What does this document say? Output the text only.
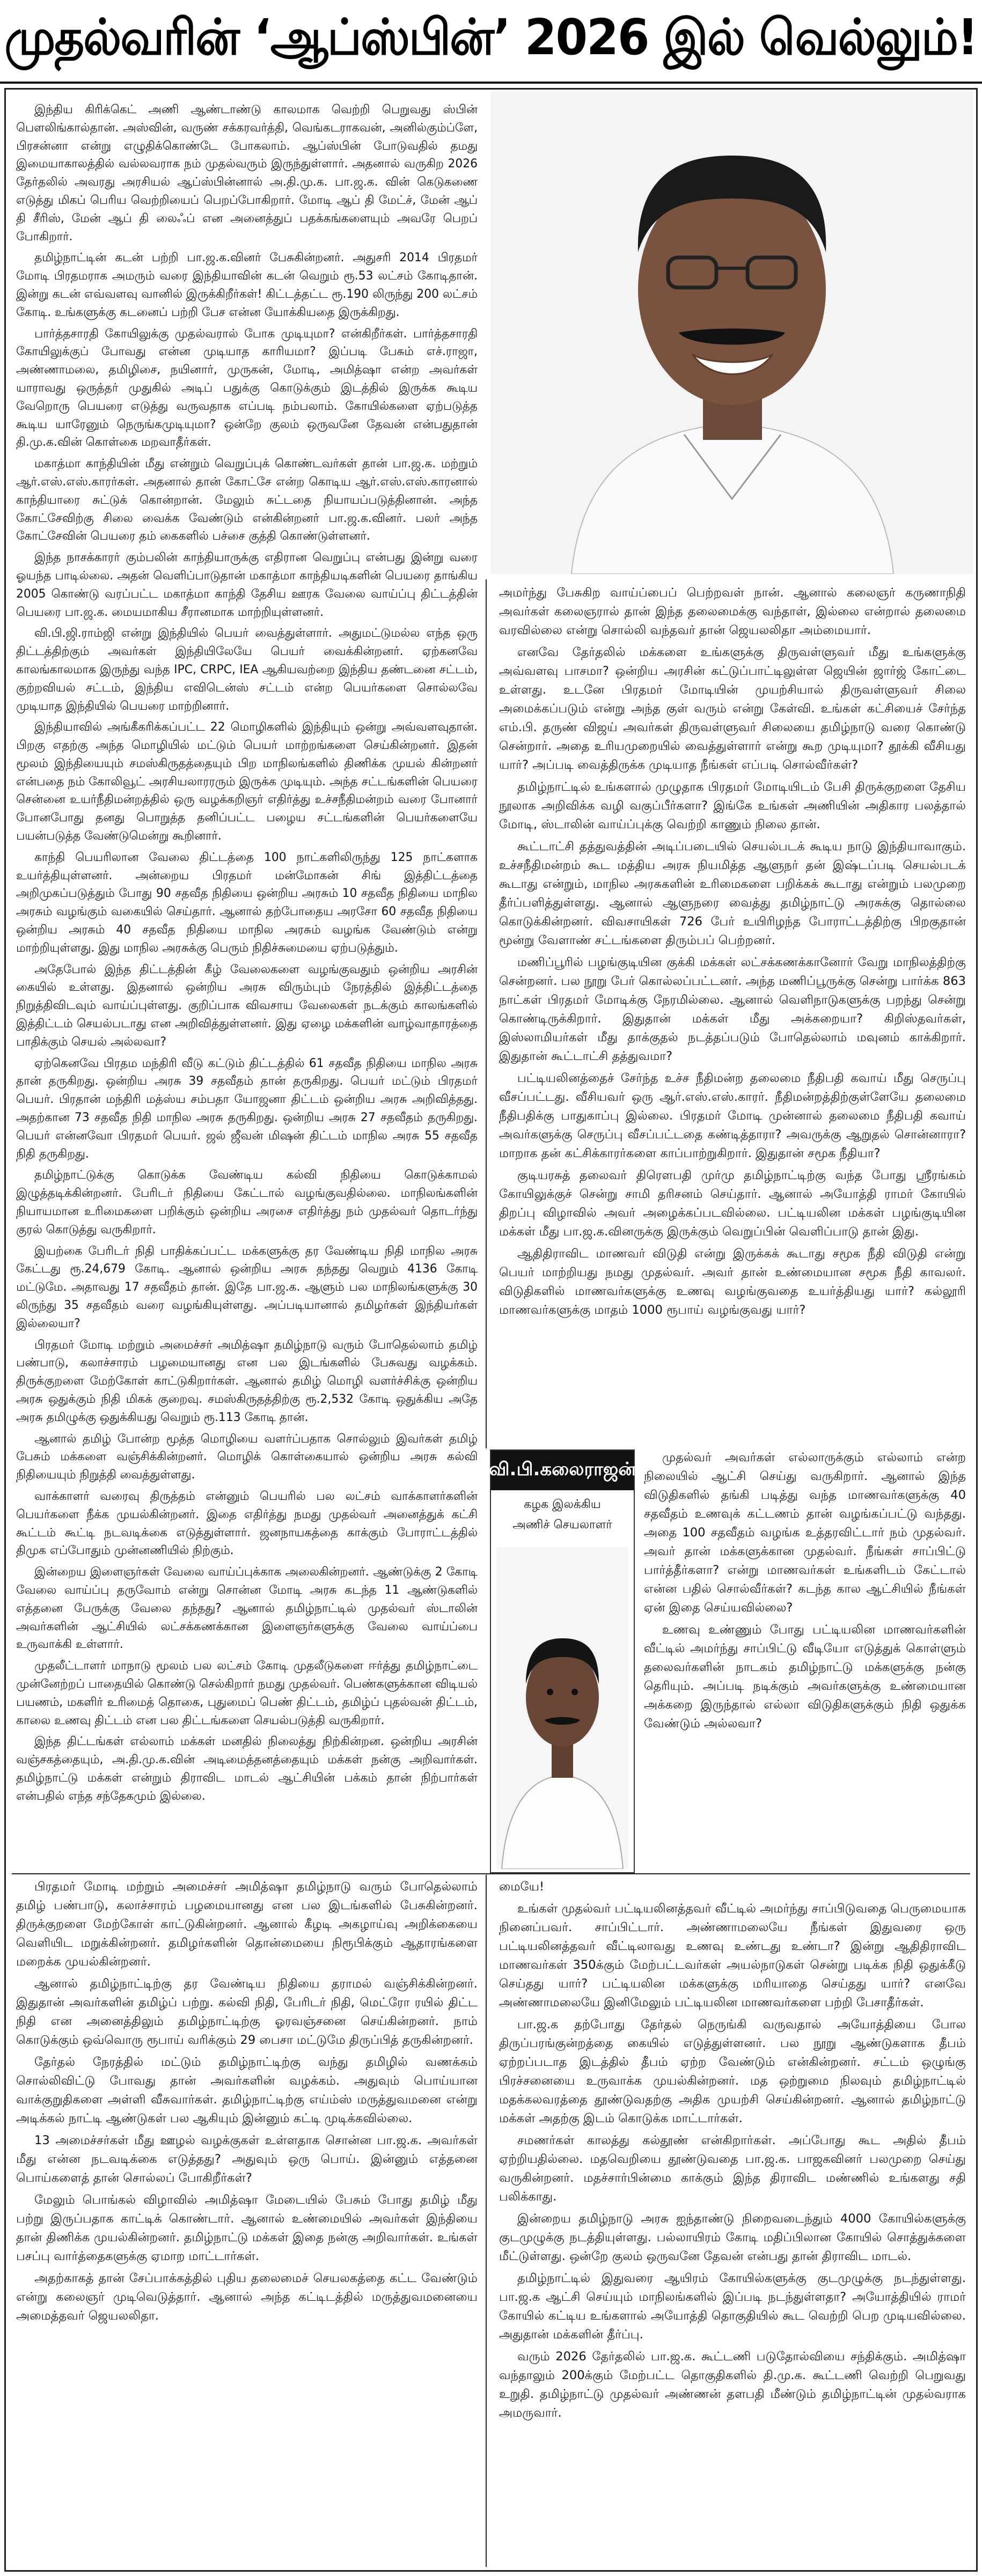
முதல்வரின் ‘ஆப்ஸ்பின்’ 2026 இல் வெல்லும்!

இந்திய கிரிக்கெட் அணி ஆண்டாண்டு காலமாக வெற்றி பெறுவது ஸ்பின் பௌலிங்கால்தான். அஸ்வின், வருண் சக்கரவர்த்தி, வெங்கடராகவன், அனில்கும்ப்ளே, பிரசன்னா என்று எழுதிக்கொண்டே போகலாம். ஆப்ஸ்பின் போடுவதில் தமது இமையாகாலத்தில் வல்லவராக நம் முதல்வரும் இருந்துள்ளார். அதனால் வருகிற 2026 தேர்தலில் அவரது அரசியல் ஆப்ஸ்பின்னால் அ.தி.மு.க. பா.ஜ.க. வின் கெடுகணை எடுத்து மிகப் பெரிய வெற்றியைப் பெறப்போகிறார். மோடி ஆப் தி மேட்ச், மேன் ஆப் தி சீரிஸ், மேன் ஆப் தி லைஃப் என அனைத்துப் பதக்கங்களையும் அவரே பெறப் போகிறார்.

தமிழ்நாட்டின் கடன் பற்றி பா.ஜ.க.வினர் பேசுகின்றனர். அதுசரி 2014 பிரதமர் மோடி பிரதமராக அமரும் வரை இந்தியாவின் கடன் வெறும் ரூ.53 லட்சம் கோடிதான். இன்று கடன் எவ்வளவு வானில் இருக்கிறீர்கள்! கிட்டத்தட்ட ரூ.190 லிருந்து 200 லட்சம் கோடி. உங்களுக்கு கடனைப் பற்றி பேச என்ன யோக்கியதை இருக்கிறது.

பார்த்தசாரதி கோயிலுக்கு முதல்வரால் போக முடியுமா? என்கிறீர்கள். பார்த்தசாரதி கோயிலுக்குப் போவது என்ன முடியாத காரியமா? இப்படி பேசும் எச்.ராஜா, அண்ணாமலை, தமிழிசை, நயினார், முருகன், மோடி, அமித்ஷா என்ற அவர்கள் யாராவது ஒருத்தர் முதுகில் அடிப் பதுக்கு கொடுக்கும் இடத்தில் இருக்க கூடிய வேறொரு பெயரை எடுத்து வருவதாக எப்படி நம்பலாம். கோயில்களை ஏற்படுத்த கூடிய யாரேனும் நெருங்கமுடியுமா? ஒன்றே குலம் ஒருவனே தேவன் என்பதுதான் தி.மு.க.வின் கொள்கை மறவாதீர்கள்.

மகாத்மா காந்தியின் மீது என்றும் வெறுப்புக் கொண்டவர்கள் தான் பா.ஜ.க. மற்றும் ஆர்.எஸ்.எஸ்.காரர்கள். அதனால் தான் கோட்சே என்ற கொடிய ஆர்.எஸ்.எஸ்.காரனால் காந்தியாரை சுட்டுக் கொன்றான். மேலும் சுட்டதை நியாயப்படுத்தினான். அந்த கோட்சேவிற்கு சிலை வைக்க வேண்டும் என்கின்றனர் பா.ஜ.க.வினர். பலர் அந்த கோட்சேவின் பெயரை தம் கைகளில் பச்சை குத்தி கொண்டுள்ளனர்.

இந்த நாசக்காரர் கும்பலின் காந்தியாருக்கு எதிரான வெறுப்பு என்பது இன்று வரை ஓயந்த பாடில்லை. அதன் வெளிப்பாடுதான் மகாத்மா காந்தியடிகளின் பெயரை தாங்கிய 2005 கொண்டு வரப்பட்ட மகாத்மா காந்தி தேசிய ஊரக வேலை வாய்ப்பு திட்டத்தின் பெயரை பா.ஜ.க. மையமாகிய சீரானமாக மாற்றியுள்ளனர்.

வி.பி.ஜி.ராம்ஜி என்று இந்தியில் பெயர் வைத்துள்ளார். அதுமட்டுமல்ல எந்த ஒரு திட்டத்திற்கும் அவர்கள் இந்தியிலேயே பெயர் வைக்கின்றனர். ஏற்கனவே காலங்காலமாக இருந்து வந்த IPC, CRPC, IEA ஆகியவற்றை இந்திய தண்டனை சட்டம், குற்றவியல் சட்டம், இந்திய எவிடென்ஸ் சட்டம் என்ற பெயர்களை சொல்லவே முடியாத இந்தியில் பெயரை மாற்றினார்.

இந்தியாவில் அங்கீகரிக்கப்பட்ட 22 மொழிகளில் இந்தியும் ஒன்று அவ்வளவுதான். பிறகு எதற்கு அந்த மொழியில் மட்டும் பெயர் மாற்றங்களை செய்கின்றனர். இதன் மூலம் இந்தியையும் சமஸ்கிருதத்தையும் பிற மாநிலங்களில் திணிக்க முயல் கின்றனர் என்பதை நம் கோலிவூட் அரசியலாரரரும் இருக்க முடியும். அந்த சட்டங்களின் பெயரை சென்னை உயர்நீதிமன்றத்தில் ஒரு வழக்கறிஞர் எதிர்த்து உச்சநீதிமன்றம் வரை போனார் போனபோது தனது பொறுத்த தனிப்பட்ட பழைய சட்டங்களின் பெயர்களையே பயன்படுத்த வேண்டுமென்று கூறினார்.

காந்தி பெயரிலான வேலை திட்டத்தை 100 நாட்களிலிருந்து 125 நாட்களாக உயர்த்தியுள்ளனர். அன்றைய பிரதமர் மன்மோகன் சிங் இத்திட்டத்தை அறிமுகப்படுத்தும் போது 90 சதவீத நிதியை ஒன்றிய அரசும் 10 சதவீத நிதியை மாநில அரசும் வழங்கும் வகையில் செய்தார். ஆனால் தற்போதைய அரசோ 60 சதவீத நிதியை ஒன்றிய அரசும் 40 சதவீத நிதியை மாநில அரசும் வழங்க வேண்டும் என்று மாற்றியுள்ளது. இது மாநில அரசுக்கு பெரும் நிதிச்சுமையை ஏற்படுத்தும்.

அதேபோல் இந்த திட்டத்தின் கீழ் வேலைகளை வழங்குவதும் ஒன்றிய அரசின் கையில் உள்ளது. இதனால் ஒன்றிய அரசு விரும்பும் நேரத்தில் இத்திட்டத்தை நிறுத்திவிடவும் வாய்ப்புள்ளது. குறிப்பாக விவசாய வேலைகள் நடக்கும் காலங்களில் இத்திட்டம் செயல்படாது என அறிவித்துள்ளனர். இது ஏழை மக்களின் வாழ்வாதாரத்தை பாதிக்கும் செயல் அல்லவா?

ஏற்கெனவே பிரதம மந்திரி வீடு கட்டும் திட்டத்தில் 61 சதவீத நிதியை மாநில அரசு தான் தருகிறது. ஒன்றிய அரசு 39 சதவீதம் தான் தருகிறது. பெயர் மட்டும் பிரதமர் பெயர். பிரதான் மந்திரி மத்ஸ்ய சம்பதா யோஜனா திட்டம் ஒன்றிய அரசு அறிவித்தது. அதற்கான 73 சதவீத நிதி மாநில அரசு தருகிறது. ஒன்றிய அரசு 27 சதவீதம் தருகிறது. பெயர் என்னவோ பிரதமர் பெயர். ஜல் ஜீவன் மிஷன் திட்டம் மாநில அரசு 55 சதவீத நிதி தருகிறது.

தமிழ்நாட்டுக்கு கொடுக்க வேண்டிய கல்வி நிதியை கொடுக்காமல் இழுத்தடிக்கின்றனர். பேரிடர் நிதியை கேட்டால் வழங்குவதில்லை. மாநிலங்களின் நியாயமான உரிமைகளை பறிக்கும் ஒன்றிய அரசை எதிர்த்து நம் முதல்வர் தொடர்ந்து குரல் கொடுத்து வருகிறார்.

இயற்கை பேரிடர் நிதி பாதிக்கப்பட்ட மக்களுக்கு தர வேண்டிய நிதி மாநில அரசு கேட்டது ரூ.24,679 கோடி. ஆனால் ஒன்றிய அரசு தந்தது வெறும் 4136 கோடி மட்டுமே. அதாவது 17 சதவீதம் தான். இதே பா.ஜ.க. ஆளும் பல மாநிலங்களுக்கு 30 லிருந்து 35 சதவீதம் வரை வழங்கியுள்ளது. அப்படியானால் தமிழர்கள் இந்தியர்கள் இல்லையா?

பிரதமர் மோடி மற்றும் அமைச்சர் அமித்ஷா தமிழ்நாடு வரும் போதெல்லாம் தமிழ் பண்பாடு, கலாச்சாரம் பழமையானது என பல இடங்களில் பேசுவது வழக்கம். திருக்குறளை மேற்கோள் காட்டுகிறார்கள். ஆனால் தமிழ் மொழி வளர்ச்சிக்கு ஒன்றிய அரசு ஒதுக்கும் நிதி மிகக் குறைவு. சமஸ்கிருதத்திற்கு ரூ.2,532 கோடி ஒதுக்கிய அதே அரசு தமிழுக்கு ஒதுக்கியது வெறும் ரூ.113 கோடி தான்.

ஆனால் தமிழ் போன்ற மூத்த மொழியை வளர்ப்பதாக சொல்லும் இவர்கள் தமிழ் பேசும் மக்களை வஞ்சிக்கின்றனர். மொழிக் கொள்கையால் ஒன்றிய அரசு கல்வி நிதியையும் நிறுத்தி வைத்துள்ளது.

வாக்காளர் வரைவு திருத்தம் என்னும் பெயரில் பல லட்சம் வாக்காளர்களின் பெயர்களை நீக்க முயல்கின்றனர். இதை எதிர்த்து நமது முதல்வர் அனைத்துக் கட்சி கூட்டம் கூட்டி நடவடிக்கை எடுத்துள்ளார். ஜனநாயகத்தை காக்கும் போராட்டத்தில் திமுக எப்போதும் முன்னணியில் நிற்கும்.

இன்றைய இளைஞர்கள் வேலை வாய்ப்புக்காக அலைகின்றனர். ஆண்டுக்கு 2 கோடி வேலை வாய்ப்பு தருவோம் என்று சொன்ன மோடி அரசு கடந்த 11 ஆண்டுகளில் எத்தனை பேருக்கு வேலை தந்தது? ஆனால் தமிழ்நாட்டில் முதல்வர் ஸ்டாலின் அவர்களின் ஆட்சியில் லட்சக்கணக்கான இளைஞர்களுக்கு வேலை வாய்ப்பை உருவாக்கி உள்ளார்.

முதலீட்டாளர் மாநாடு மூலம் பல லட்சம் கோடி முதலீடுகளை ஈர்த்து தமிழ்நாட்டை முன்னேற்றப் பாதையில் கொண்டு செல்கிறார் நமது முதல்வர். பெண்களுக்கான விடியல் பயணம், மகளிர் உரிமைத் தொகை, புதுமைப் பெண் திட்டம், தமிழ்ப் புதல்வன் திட்டம், காலை உணவு திட்டம் என பல திட்டங்களை செயல்படுத்தி வருகிறார்.

இந்த திட்டங்கள் எல்லாம் மக்கள் மனதில் நிலைத்து நிற்கின்றன. ஒன்றிய அரசின் வஞ்சகத்தையும், அ.தி.மு.க.வின் அடிமைத்தனத்தையும் மக்கள் நன்கு அறிவார்கள். தமிழ்நாட்டு மக்கள் என்றும் திராவிட மாடல் ஆட்சியின் பக்கம் தான் நிற்பார்கள் என்பதில் எந்த சந்தேகமும் இல்லை.

அமர்ந்து பேசுகிற வாய்ப்பைப் பெற்றவள் நான். ஆனால் கலைஞர் கருணாநிதி அவர்கள் கலைஞரால் தான் இந்த தலைமைக்கு வந்தாள், இல்லை என்றால் தலைமை வரவில்லை என்று சொல்லி வந்தவர் தான் ஜெயலலிதா அம்மையார்.

எனவே தேர்தலில் மக்களை உங்களுக்கு திருவள்ளுவர் மீது உங்களுக்கு அவ்வளவு பாசமா? ஒன்றிய அரசின் கட்டுப்பாட்டிலுள்ள ஜெயின் ஜார்ஜ் கோட்டை உள்ளது. உடனே பிரதமர் மோடியின் முயற்சியால் திருவள்ளுவர் சிலை அமைக்கப்படும் என்று அந்த குள் வரும் என்று கேள்வி. உங்கள் கட்சியைச் சேர்ந்த எம்.பி. தருண் விஜய் அவர்கள் திருவள்ளுவர் சிலையை தமிழ்நாடு வரை கொண்டு சென்றார். அதை உரியமுறையில் வைத்துள்ளார் என்று கூற முடியுமா? தூக்கி வீசியது யார்? அப்படி வைத்திருக்க முடியாத நீங்கள் எப்படி சொல்வீர்கள்?

தமிழ்நாட்டில் உங்களால் முழுதாக பிரதமர் மோடியிடம் பேசி திருக்குறளை தேசிய நூலாக அறிவிக்க வழி வகுப்பீர்களா? இங்கே உங்கள் அணியின் அதிகார பலத்தால் மோடி, ஸ்டாலின் வாய்ப்புக்கு வெற்றி காணும் நிலை தான்.

கூட்டாட்சி தத்துவத்தின் அடிப்படையில் செயல்படக் கூடிய நாடு இந்தியாவாகும். உச்சநீதிமன்றம் கூட மத்திய அரசு நியமித்த ஆளுநர் தன் இஷ்டப்படி செயல்படக் கூடாது என்றும், மாநில அரசுகளின் உரிமைகளை பறிக்கக் கூடாது என்றும் பலமுறை தீர்ப்பளித்துள்ளது. ஆனால் ஆளுநரை வைத்து தமிழ்நாட்டு அரசுக்கு தொல்லை கொடுக்கின்றனர். விவசாயிகள் 726 பேர் உயிரிழந்த போராட்டத்திற்கு பிறகுதான் மூன்று வேளாண் சட்டங்களை திரும்பப் பெற்றனர்.

மணிப்பூரில் பழங்குடியின குக்கி மக்கள் லட்சக்கணக்கானோர் வேறு மாநிலத்திற்கு சென்றனர். பல நூறு பேர் கொல்லப்பட்டனர். அந்த மணிப்பூருக்கு சென்று பார்க்க 863 நாட்கள் பிரதமர் மோடிக்கு நேரமில்லை. ஆனால் வெளிநாடுகளுக்கு பறந்து சென்று கொண்டிருக்கிறார். இதுதான் மக்கள் மீது அக்கறையா? கிறிஸ்தவர்கள், இஸ்லாமியர்கள் மீது தாக்குதல் நடத்தப்படும் போதெல்லாம் மவுனம் காக்கிறார். இதுதான் கூட்டாட்சி தத்துவமா?

பட்டியலினத்தைச் சேர்ந்த உச்ச நீதிமன்ற தலைமை நீதிபதி கவாய் மீது செருப்பு வீசப்பட்டது. வீசியவர் ஒரு ஆர்.எஸ்.எஸ்.காரர். நீதிமன்றத்திற்குள்ளேயே தலைமை நீதிபதிக்கு பாதுகாப்பு இல்லை. பிரதமர் மோடி முன்னால் தலைமை நீதிபதி கவாய் அவர்களுக்கு செருப்பு வீசப்பட்டதை கண்டித்தாரா? அவருக்கு ஆறுதல் சொன்னாரா? மாறாக தன் கட்சிக்காரர்களை காப்பாற்றுகிறார். இதுதான் சமூக நீதியா?

குடியரசுத் தலைவர் திரௌபதி முர்மு தமிழ்நாட்டிற்கு வந்த போது ஸ்ரீரங்கம் கோயிலுக்குச் சென்று சாமி தரிசனம் செய்தார். ஆனால் அயோத்தி ராமர் கோயில் திறப்பு விழாவில் அவர் அழைக்கப்படவில்லை. பட்டியலின மக்கள் பழங்குடியின மக்கள் மீது பா.ஜ.க.வினருக்கு இருக்கும் வெறுப்பின் வெளிப்பாடு தான் இது.

ஆதிதிராவிட மாணவர் விடுதி என்று இருக்கக் கூடாது சமூக நீதி விடுதி என்று பெயர் மாற்றியது நமது முதல்வர். அவர் தான் உண்மையான சமூக நீதி காவலர். விடுதிகளில் மாணவர்களுக்கு உணவு வழங்குவதை உயர்த்தியது யார்? கல்லூரி மாணவர்களுக்கு மாதம் 1000 ரூபாய் வழங்குவது யார்?

வி.பி.கலைராஜன்
கழக இலக்கிய
அணிச் செயலாளர்

முதல்வர் அவர்கள் எல்லாருக்கும் எல்லாம் என்ற நிலையில் ஆட்சி செய்து வருகிறார். ஆனால் இந்த விடுதிகளில் தங்கி படித்து வந்த மாணவர்களுக்கு 40 சதவீதம் உணவுக் கட்டணம் தான் வழங்கப்பட்டு வந்தது. அதை 100 சதவீதம் வழங்க உத்தரவிட்டார் நம் முதல்வர். அவர் தான் மக்களுக்கான முதல்வர். நீங்கள் சாப்பிட்டு பார்த்தீர்களா? என்று மாணவர்கள் உங்களிடம் கேட்டால் என்ன பதில் சொல்வீர்கள்? கடந்த கால ஆட்சியில் நீங்கள் ஏன் இதை செய்யவில்லை?

உணவு உண்ணும் போது பட்டியலின மாணவர்களின் வீட்டில் அமர்ந்து சாப்பிட்டு வீடியோ எடுத்துக் கொள்ளும் தலைவர்களின் நாடகம் தமிழ்நாட்டு மக்களுக்கு நன்கு தெரியும். அப்படி நடிக்கும் அவர்களுக்கு உண்மையான அக்கறை இருந்தால் எல்லா விடுதிகளுக்கும் நிதி ஒதுக்க வேண்டும் அல்லவா?

பிரதமர் மோடி மற்றும் அமைச்சர் அமித்ஷா தமிழ்நாடு வரும் போதெல்லாம் தமிழ் பண்பாடு, கலாச்சாரம் பழமையானது என பல இடங்களில் பேசுகின்றனர். திருக்குறளை மேற்கோள் காட்டுகின்றனர். ஆனால் கீழடி அகழாய்வு அறிக்கையை வெளியிட மறுக்கின்றனர். தமிழர்களின் தொன்மையை நிரூபிக்கும் ஆதாரங்களை மறைக்க முயல்கின்றனர்.

ஆனால் தமிழ்நாட்டிற்கு தர வேண்டிய நிதியை தராமல் வஞ்சிக்கின்றனர். இதுதான் அவர்களின் தமிழ்ப் பற்று. கல்வி நிதி, பேரிடர் நிதி, மெட்ரோ ரயில் திட்ட நிதி என அனைத்திலும் தமிழ்நாட்டிற்கு ஓரவஞ்சனை செய்கின்றனர். நாம் கொடுக்கும் ஒவ்வொரு ரூபாய் வரிக்கும் 29 பைசா மட்டுமே திருப்பித் தருகின்றனர்.

தேர்தல் நேரத்தில் மட்டும் தமிழ்நாட்டிற்கு வந்து தமிழில் வணக்கம் சொல்லிவிட்டு போவது தான் அவர்களின் வழக்கம். அதுவும் பொய்யான வாக்குறுதிகளை அள்ளி வீசுவார்கள். தமிழ்நாட்டிற்கு எய்ம்ஸ் மருத்துவமனை என்று அடிக்கல் நாட்டி ஆண்டுகள் பல ஆகியும் இன்னும் கட்டி முடிக்கவில்லை.

13 அமைச்சர்கள் மீது ஊழல் வழக்குகள் உள்ளதாக சொன்ன பா.ஜ.க. அவர்கள் மீது என்ன நடவடிக்கை எடுத்தது? அதுவும் ஒரு பொய். இன்னும் எத்தனை பொய்களைத் தான் சொல்லப் போகிறீர்கள்?

மேலும் பொங்கல் விழாவில் அமித்ஷா மேடையில் பேசும் போது தமிழ் மீது பற்று இருப்பதாக காட்டிக் கொண்டார். ஆனால் உண்மையில் அவர்கள் இந்தியை தான் திணிக்க முயல்கின்றனர். தமிழ்நாட்டு மக்கள் இதை நன்கு அறிவார்கள். உங்கள் பசப்பு வார்த்தைகளுக்கு ஏமாற மாட்டார்கள்.

அதற்காகத் தான் சேப்பாக்கத்தில் புதிய தலைமைச் செயலகத்தை கட்ட வேண்டும் என்று கலைஞர் முடிவெடுத்தார். ஆனால் அந்த கட்டிடத்தில் மருத்துவமனையை அமைத்தவர் ஜெயலலிதா.

மையே!

உங்கள் முதல்வர் பட்டியலினத்தவர் வீட்டில் அமர்ந்து சாப்பிடுவதை பெருமையாக நினைப்பவர். சாப்பிட்டார். அண்ணாமலையே நீங்கள் இதுவரை ஒரு பட்டியலினத்தவர் வீட்டிலாவது உணவு உண்டது உண்டா? இன்று ஆதிதிராவிட மாணவர்கள் 350க்கும் மேற்பட்டவர்கள் அயல்நாடுகள் சென்று படிக்க நிதி ஒதுக்கீடு செய்தது யார்? பட்டியலின மக்களுக்கு மரியாதை செய்தது யார்? எனவே அண்ணாமலையே இனிமேலும் பட்டியலின மாணவர்களை பற்றி பேசாதீர்கள்.

பா.ஜ.க தற்போது தேர்தல் நெருங்கி வருவதால் அயோத்தியை போல திருப்பரங்குன்றத்தை கையில் எடுத்துள்ளனர். பல நூறு ஆண்டுகளாக தீபம் ஏற்றப்படாத இடத்தில் தீபம் ஏற்ற வேண்டும் என்கின்றனர். சட்டம் ஒழுங்கு பிரச்சனையை உருவாக்க முயல்கின்றனர். மத ஒற்றுமை நிலவும் தமிழ்நாட்டில் மதக்கலவரத்தை தூண்டுவதற்கு அதிக முயற்சி செய்கின்றனர். ஆனால் தமிழ்நாட்டு மக்கள் அதற்கு இடம் கொடுக்க மாட்டார்கள்.

சமணர்கள் காலத்து கல்தூண் என்கிறார்கள். அப்போது கூட அதில் தீபம் ஏற்றியதில்லை. மதவெறியை தூண்டுவதை பா.ஜ.க. பாஜகவினர் பலமுறை செய்து வருகின்றனர். மதச்சார்பின்மை காக்கும் இந்த திராவிட மண்ணில் உங்களது சதி பலிக்காது.

இன்றைய தமிழ்நாடு அரசு ஐந்தாண்டு நிறைவடைந்தும் 4000 கோயில்களுக்கு குடமுழுக்கு நடத்தியுள்ளது. பல்லாயிரம் கோடி மதிப்பிலான கோயில் சொத்துக்களை மீட்டுள்ளது. ஒன்றே குலம் ஒருவனே தேவன் என்பது தான் திராவிட மாடல்.

தமிழ்நாட்டில் இதுவரை ஆயிரம் கோயில்களுக்கு குடமுழுக்கு நடந்துள்ளது. பா.ஜ.க ஆட்சி செய்யும் மாநிலங்களில் இப்படி நடந்துள்ளதா? அயோத்தியில் ராமர் கோயில் கட்டிய உங்களால் அயோத்தி தொகுதியில் கூட வெற்றி பெற முடியவில்லை. அதுதான் மக்களின் தீர்ப்பு.

வரும் 2026 தேர்தலில் பா.ஜ.க. கூட்டணி படுதோல்வியை சந்திக்கும். அமித்ஷா வந்தாலும் 200க்கும் மேற்பட்ட தொகுதிகளில் தி.மு.க. கூட்டணி வெற்றி பெறுவது உறுதி. தமிழ்நாட்டு முதல்வர் அண்ணன் தளபதி மீண்டும் தமிழ்நாட்டின் முதல்வராக அமருவார்.
